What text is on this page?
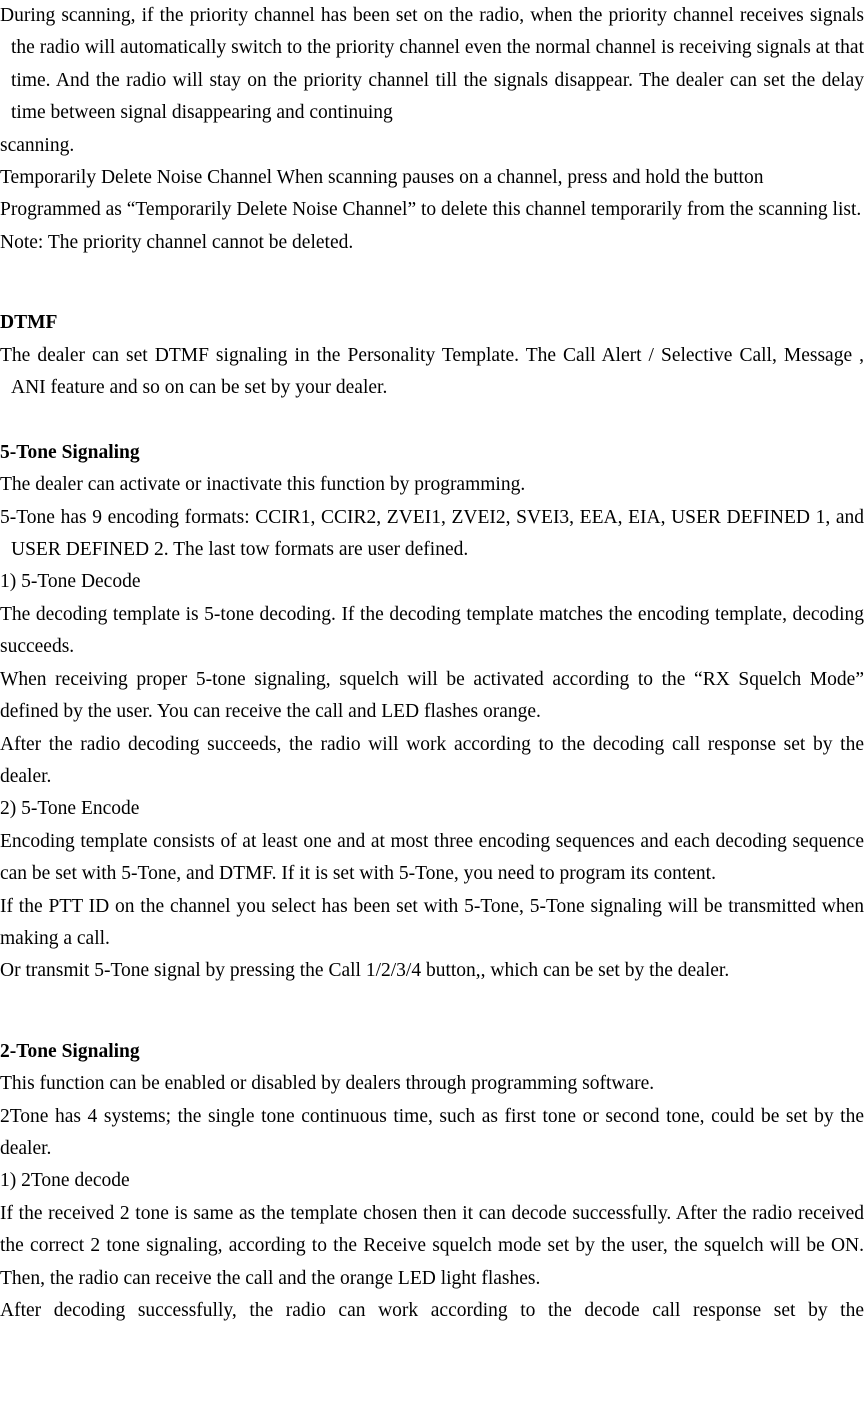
During scanning, if the priority channel has been set on the radio, when the priority channel receives signals the radio will automatically switch to the priority channel even the normal channel is receiving signals at that time. And the radio will stay on the priority channel till the signals disappear. The dealer can set the delay time between signal disappearing and continuing

scanning.

Temporarily Delete Noise Channel When scanning pauses on a channel, press and hold the button

Programmed as “Temporarily Delete Noise Channel” to delete this channel temporarily from the scanning list.

Note: The priority channel cannot be deleted.

DTMF

The dealer can set DTMF signaling in the Personality Template. The Call Alert / Selective Call, Message , ANI feature and so on can be set by your dealer.

5-Tone Signaling

The dealer can activate or inactivate this function by programming.

5-Tone has 9 encoding formats: CCIR1, CCIR2, ZVEI1, ZVEI2, SVEI3, EEA, EIA, USER DEFINED 1, and USER DEFINED 2. The last tow formats are user defined.

1) 5-Tone Decode

The decoding template is 5-tone decoding. If the decoding template matches the encoding template, decoding succeeds.

When receiving proper 5-tone signaling, squelch will be activated according to the “RX Squelch Mode” defined by the user. You can receive the call and LED flashes orange.

After the radio decoding succeeds, the radio will work according to the decoding call response set by the dealer.

2) 5-Tone Encode

Encoding template consists of at least one and at most three encoding sequences and each decoding sequence can be set with 5-Tone, and DTMF. If it is set with 5-Tone, you need to program its content.

If the PTT ID on the channel you select has been set with 5-Tone, 5-Tone signaling will be transmitted when making a call.

Or transmit 5-Tone signal by pressing the Call 1/2/3/4 button,, which can be set by the dealer.

2-Tone Signaling

This function can be enabled or disabled by dealers through programming software.

2Tone has 4 systems; the single tone continuous time, such as first tone or second tone, could be set by the dealer.

1) 2Tone decode

If the received 2 tone is same as the template chosen then it can decode successfully. After the radio received the correct 2 tone signaling, according to the Receive squelch mode set by the user, the squelch will be ON. Then, the radio can receive the call and the orange LED light flashes.

After decoding successfully, the radio can work according to the decode call response set by the
